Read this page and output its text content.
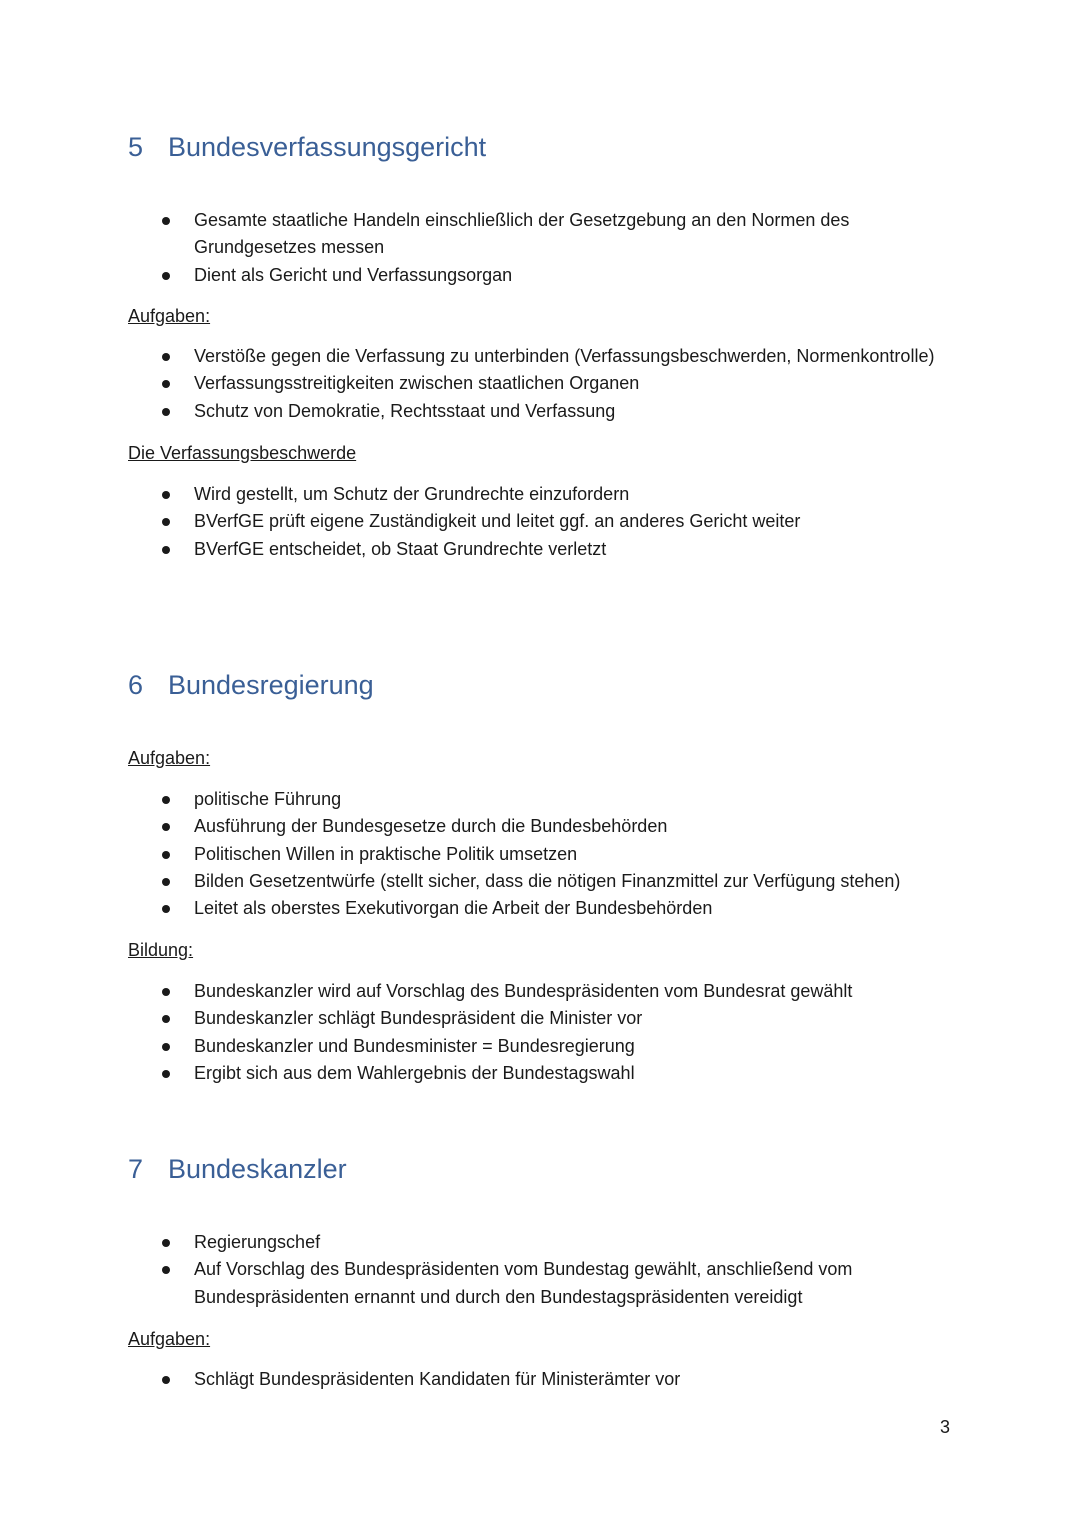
5 Bundesverfassungsgericht
Gesamte staatliche Handeln einschließlich der Gesetzgebung an den Normen des Grundgesetzes messen
Dient als Gericht und Verfassungsorgan
Aufgaben:
Verstöße gegen die Verfassung zu unterbinden (Verfassungsbeschwerden, Normenkontrolle)
Verfassungsstreitigkeiten zwischen staatlichen Organen
Schutz von Demokratie, Rechtsstaat und Verfassung
Die Verfassungsbeschwerde
Wird gestellt, um Schutz der Grundrechte einzufordern
BVerfGE prüft eigene Zuständigkeit und leitet ggf. an anderes Gericht weiter
BVerfGE entscheidet, ob Staat Grundrechte verletzt
6 Bundesregierung
Aufgaben:
politische Führung
Ausführung der Bundesgesetze durch die Bundesbehörden
Politischen Willen in praktische Politik umsetzen
Bilden Gesetzentwürfe (stellt sicher, dass die nötigen Finanzmittel zur Verfügung stehen)
Leitet als oberstes Exekutivorgan die Arbeit der Bundesbehörden
Bildung:
Bundeskanzler wird auf Vorschlag des Bundespräsidenten vom Bundesrat gewählt
Bundeskanzler schlägt Bundespräsident die Minister vor
Bundeskanzler und Bundesminister = Bundesregierung
Ergibt sich aus dem Wahlergebnis der Bundestagswahl
7 Bundeskanzler
Regierungschef
Auf Vorschlag des Bundespräsidenten vom Bundestag gewählt, anschließend vom Bundespräsidenten ernannt und durch den Bundestagspräsidenten vereidigt
Aufgaben:
Schlägt Bundespräsidenten Kandidaten für Ministerämter vor
3
